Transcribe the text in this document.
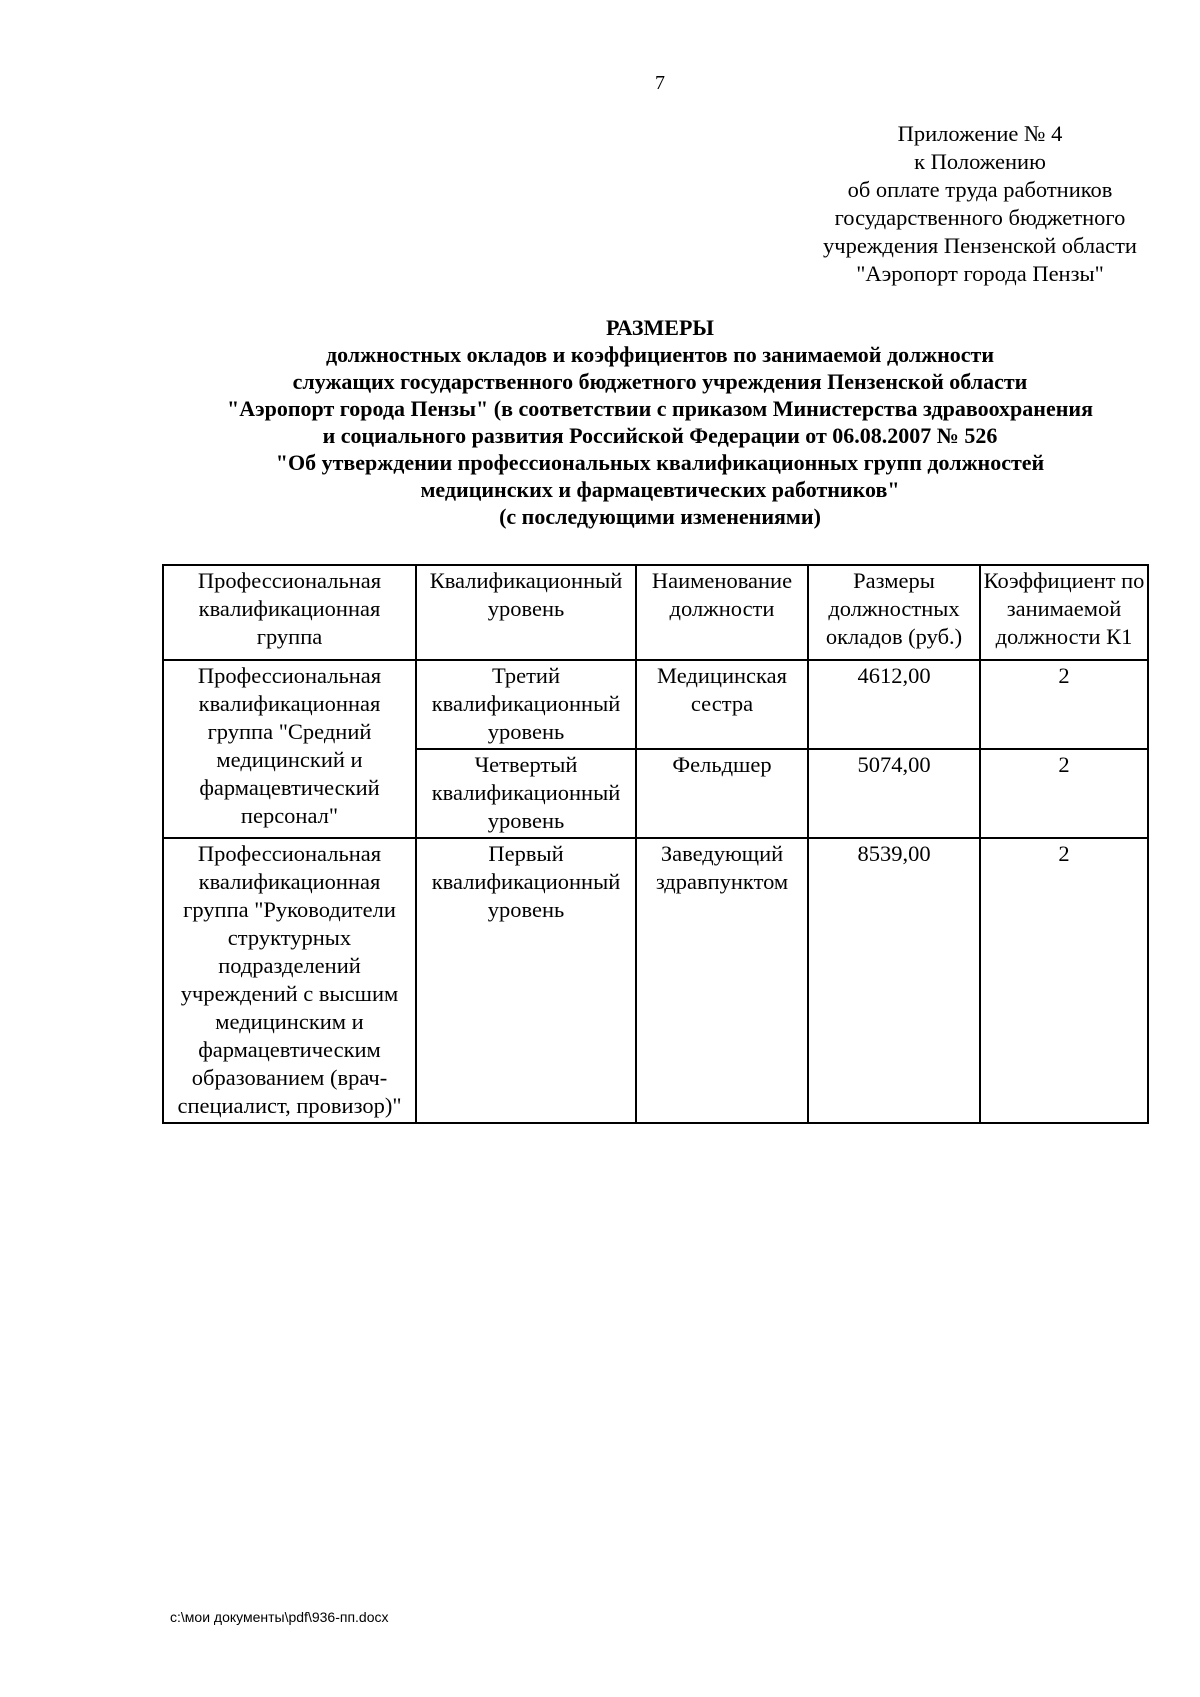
7
Приложение № 4
к Положению
об оплате труда работников
государственного бюджетного
учреждения Пензенской области
"Аэропорт города Пензы"
РАЗМЕРЫ
должностных окладов и коэффициентов по занимаемой должности
служащих государственного бюджетного учреждения Пензенской области
"Аэропорт города Пензы" (в соответствии с приказом Министерства здравоохранения
и социального развития Российской Федерации от 06.08.2007 № 526
"Об утверждении профессиональных квалификационных групп должностей
медицинских и фармацевтических работников"
(с последующими изменениями)
Профессиональная квалификационная группа	Квалификационный уровень	Наименование должности	Размеры должностных окладов (руб.)	Коэффициент по занимаемой должности К1
Профессиональная квалификационная группа "Средний медицинский и фармацевтический персонал"	Третий квалификационный уровень	Медицинская сестра	4612,00	2
	Четвертый квалификационный уровень	Фельдшер	5074,00	2
Профессиональная квалификационная группа "Руководители структурных подразделений учреждений с высшим медицинским и фармацевтическим образованием (врач-специалист, провизор)"	Первый квалификационный уровень	Заведующий здравпунктом	8539,00	2
c:\мои документы\pdf\936-пп.docx
